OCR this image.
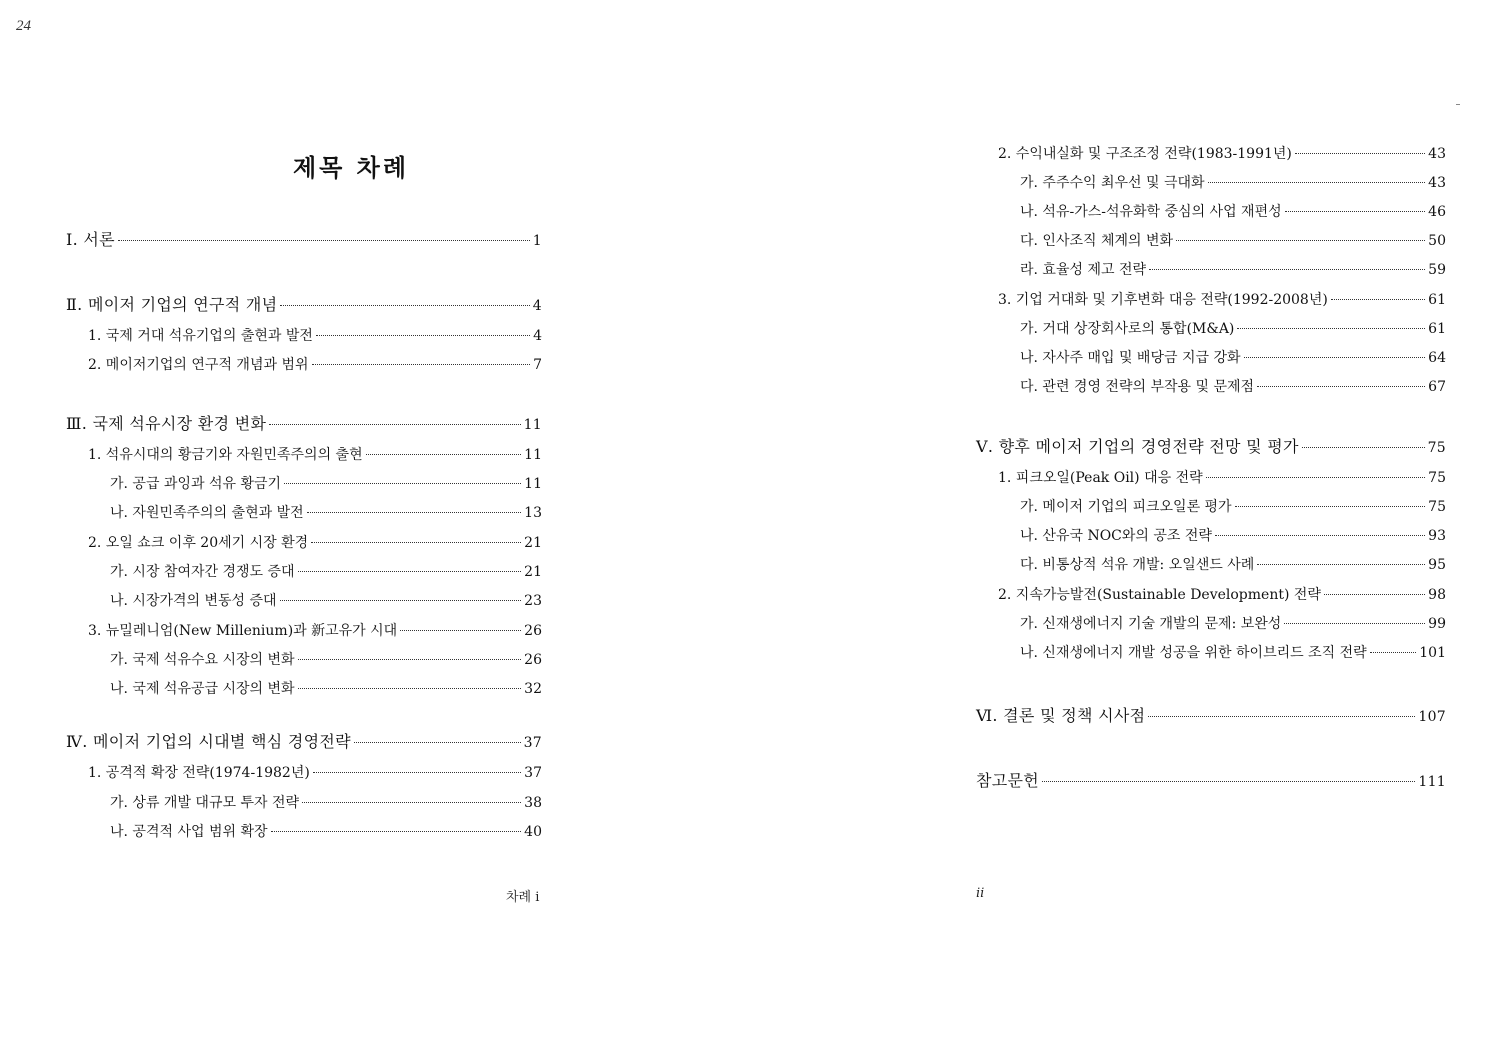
24
제목 차례
Ⅰ. 서론	1
Ⅱ. 메이저 기업의 연구적 개념	4
1. 국제 거대 석유기업의 출현과 발전	4
2. 메이저기업의 연구적 개념과 범위	7
Ⅲ. 국제 석유시장 환경 변화	11
1. 석유시대의 황금기와 자원민족주의의 출현	11
가. 공급 과잉과 석유 황금기	11
나. 자원민족주의의 출현과 발전	13
2. 오일 쇼크 이후 20세기 시장 환경	21
가. 시장 참여자간 경쟁도 증대	21
나. 시장가격의 변동성 증대	23
3. 뉴밀레니엄(New Millenium)과 新고유가 시대	26
가. 국제 석유수요 시장의 변화	26
나. 국제 석유공급 시장의 변화	32
Ⅳ. 메이저 기업의 시대별 핵심 경영전략	37
1. 공격적 확장 전략(1974-1982년)	37
가. 상류 개발 대규모 투자 전략	38
나. 공격적 사업 범위 확장	40
차례 i
2. 수익내실화 및 구조조정 전략(1983-1991년)	43
가. 주주수익 최우선 및 극대화	43
나. 석유-가스-석유화학 중심의 사업 재편성	46
다. 인사조직 체계의 변화	50
라. 효율성 제고 전략	59
3. 기업 거대화 및 기후변화 대응 전략(1992-2008년)	61
가. 거대 상장회사로의 통합(M&A)	61
나. 자사주 매입 및 배당금 지급 강화	64
다. 관련 경영 전략의 부작용 및 문제점	67
Ⅴ. 향후 메이저 기업의 경영전략 전망 및 평가	75
1. 피크오일(Peak Oil) 대응 전략	75
가. 메이저 기업의 피크오일론 평가	75
나. 산유국 NOC와의 공조 전략	93
다. 비통상적 석유 개발: 오일샌드 사례	95
2. 지속가능발전(Sustainable Development) 전략	98
가. 신재생에너지 기술 개발의 문제: 보완성	99
나. 신재생에너지 개발 성공을 위한 하이브리드 조직 전략	101
Ⅵ. 결론 및 정책 시사점	107
참고문헌	111
ii
